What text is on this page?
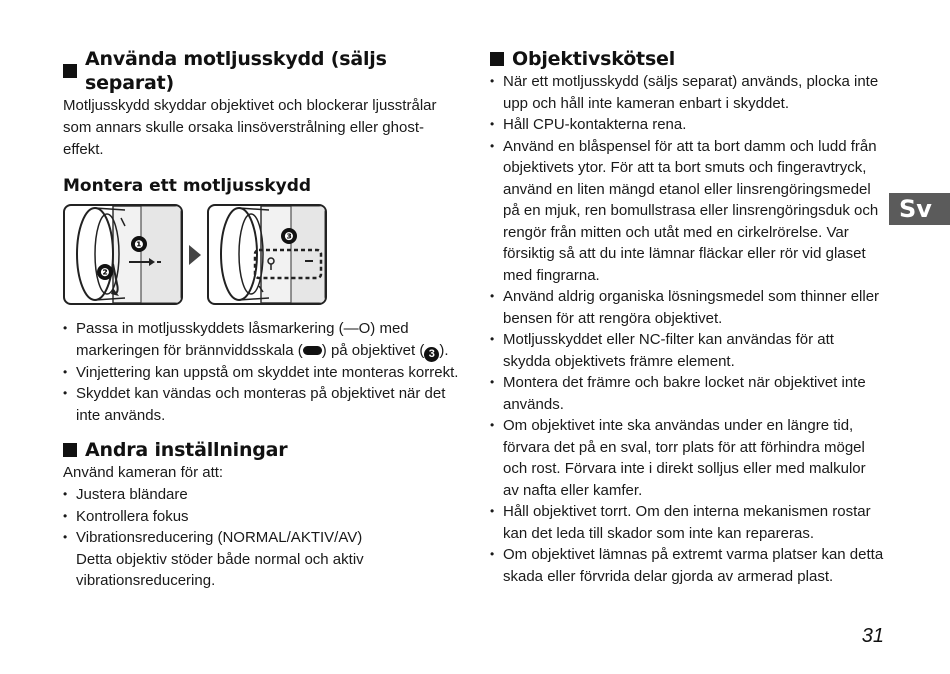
Använda motljusskydd (säljs separat)

Motljusskydd skyddar objektivet och blockerar ljusstrålar som annars skulle orsaka linsöverstrålning eller ghost-effekt.

Montera ett motljusskydd
❶
❷
❸
• Passa in motljusskyddets låsmarkering (—O) med markeringen för brännviddsskala ( ) på objektivet ( 3 ).
• Vinjettering kan uppstå om skyddet inte monteras korrekt.
• Skyddet kan vändas och monteras på objektivet när det inte används.
Andra inställningar

Använd kameran för att:

• Justera bländare
• Kontrollera fokus
• Vibrationsreducering (NORMAL/AKTIV/AV)
Detta objektiv stöder både normal och aktiv vibrationsreducering.
Objektivskötsel
• När ett motljusskydd (säljs separat) används, plocka inte upp och håll inte kameran enbart i skyddet.
• Håll CPU-kontakterna rena.
• Använd en blåspensel för att ta bort damm och ludd från objektivets ytor. För att ta bort smuts och fingeravtryck, använd en liten mängd etanol eller linsrengöringsmedel på en mjuk, ren bomullstrasa eller linsrengöringsduk och rengör från mitten och utåt med en cirkelrörelse. Var försiktig så att du inte lämnar fläckar eller rör vid glaset med fingrarna.
• Använd aldrig organiska lösningsmedel som thinner eller bensen för att rengöra objektivet.
• Motljusskyddet eller NC-filter kan användas för att skydda objektivets främre element.
• Montera det främre och bakre locket när objektivet inte används.
• Om objektivet inte ska användas under en längre tid, förvara det på en sval, torr plats för att förhindra mögel och rost. Förvara inte i direkt solljus eller med malkulor av nafta eller kamfer.
• Håll objektivet torrt. Om den interna mekanismen rostar kan det leda till skador som inte kan repareras.
• Om objektivet lämnas på extremt varma platser kan detta skada eller förvrida delar gjorda av armerad plast.
Sv
31
